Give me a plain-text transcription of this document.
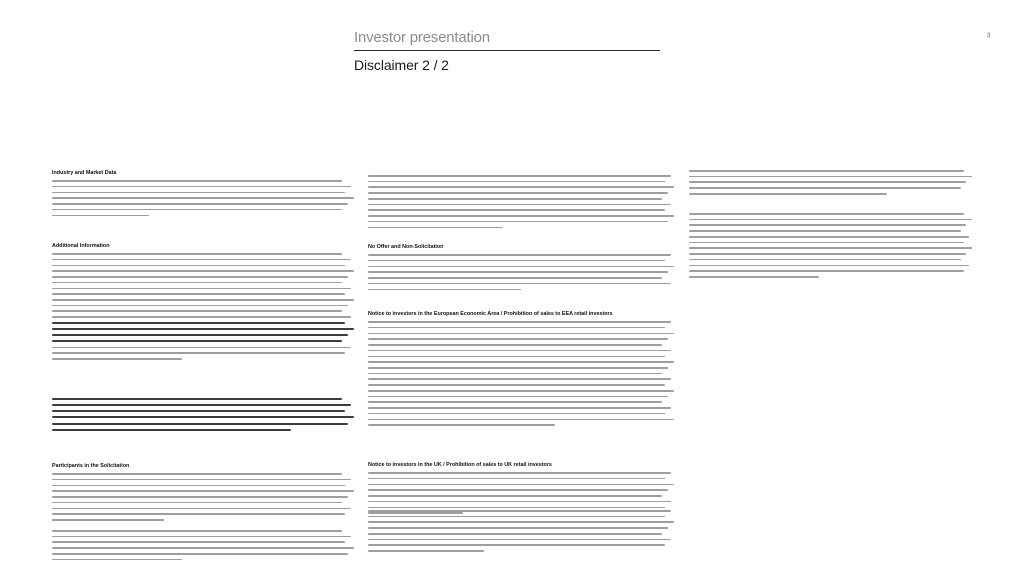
Investor presentation	3
Disclaimer 2 / 2
Industry and Market Data
Additional Information
Participants in the Solicitation
No Offer and Non-Solicitation
Notice to investors in the European Economic Area / Prohibition of sales to EEA retail investors
Notice to investors in the UK / Prohibition of sales to UK retail investors
